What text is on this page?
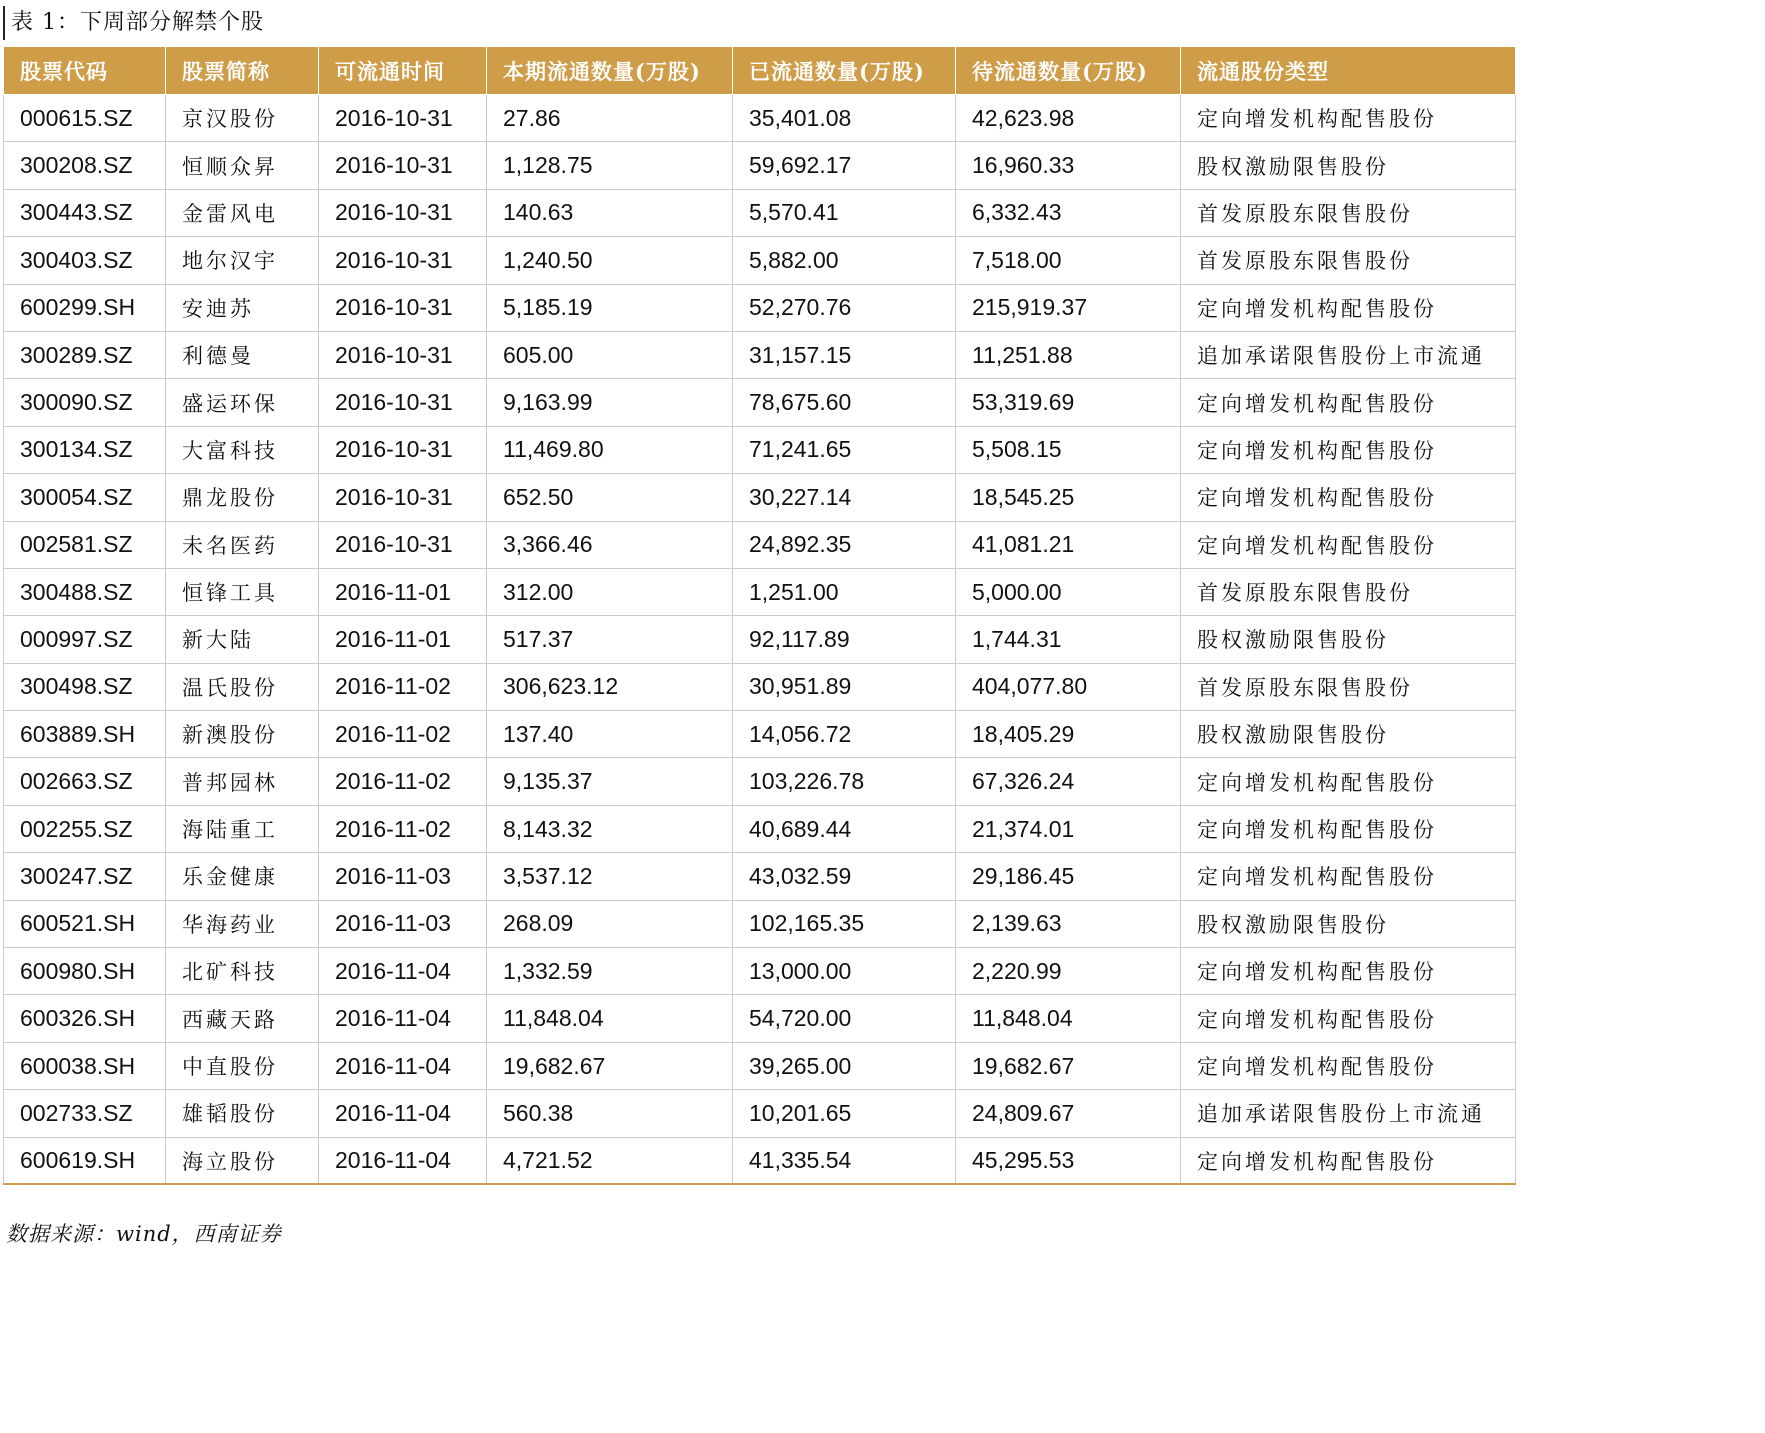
表 1：下周部分解禁个股
股票代码	股票简称	可流通时间	本期流通数量(万股)	已流通数量(万股)	待流通数量(万股)	流通股份类型
000615.SZ	京汉股份	2016-10-31	27.86	35,401.08	42,623.98	定向增发机构配售股份
300208.SZ	恒顺众昇	2016-10-31	1,128.75	59,692.17	16,960.33	股权激励限售股份
300443.SZ	金雷风电	2016-10-31	140.63	5,570.41	6,332.43	首发原股东限售股份
300403.SZ	地尔汉宇	2016-10-31	1,240.50	5,882.00	7,518.00	首发原股东限售股份
600299.SH	安迪苏	2016-10-31	5,185.19	52,270.76	215,919.37	定向增发机构配售股份
300289.SZ	利德曼	2016-10-31	605.00	31,157.15	11,251.88	追加承诺限售股份上市流通
300090.SZ	盛运环保	2016-10-31	9,163.99	78,675.60	53,319.69	定向增发机构配售股份
300134.SZ	大富科技	2016-10-31	11,469.80	71,241.65	5,508.15	定向增发机构配售股份
300054.SZ	鼎龙股份	2016-10-31	652.50	30,227.14	18,545.25	定向增发机构配售股份
002581.SZ	未名医药	2016-10-31	3,366.46	24,892.35	41,081.21	定向增发机构配售股份
300488.SZ	恒锋工具	2016-11-01	312.00	1,251.00	5,000.00	首发原股东限售股份
000997.SZ	新大陆	2016-11-01	517.37	92,117.89	1,744.31	股权激励限售股份
300498.SZ	温氏股份	2016-11-02	306,623.12	30,951.89	404,077.80	首发原股东限售股份
603889.SH	新澳股份	2016-11-02	137.40	14,056.72	18,405.29	股权激励限售股份
002663.SZ	普邦园林	2016-11-02	9,135.37	103,226.78	67,326.24	定向增发机构配售股份
002255.SZ	海陆重工	2016-11-02	8,143.32	40,689.44	21,374.01	定向增发机构配售股份
300247.SZ	乐金健康	2016-11-03	3,537.12	43,032.59	29,186.45	定向增发机构配售股份
600521.SH	华海药业	2016-11-03	268.09	102,165.35	2,139.63	股权激励限售股份
600980.SH	北矿科技	2016-11-04	1,332.59	13,000.00	2,220.99	定向增发机构配售股份
600326.SH	西藏天路	2016-11-04	11,848.04	54,720.00	11,848.04	定向增发机构配售股份
600038.SH	中直股份	2016-11-04	19,682.67	39,265.00	19,682.67	定向增发机构配售股份
002733.SZ	雄韬股份	2016-11-04	560.38	10,201.65	24,809.67	追加承诺限售股份上市流通
600619.SH	海立股份	2016-11-04	4,721.52	41,335.54	45,295.53	定向增发机构配售股份
数据来源：wind，西南证券
